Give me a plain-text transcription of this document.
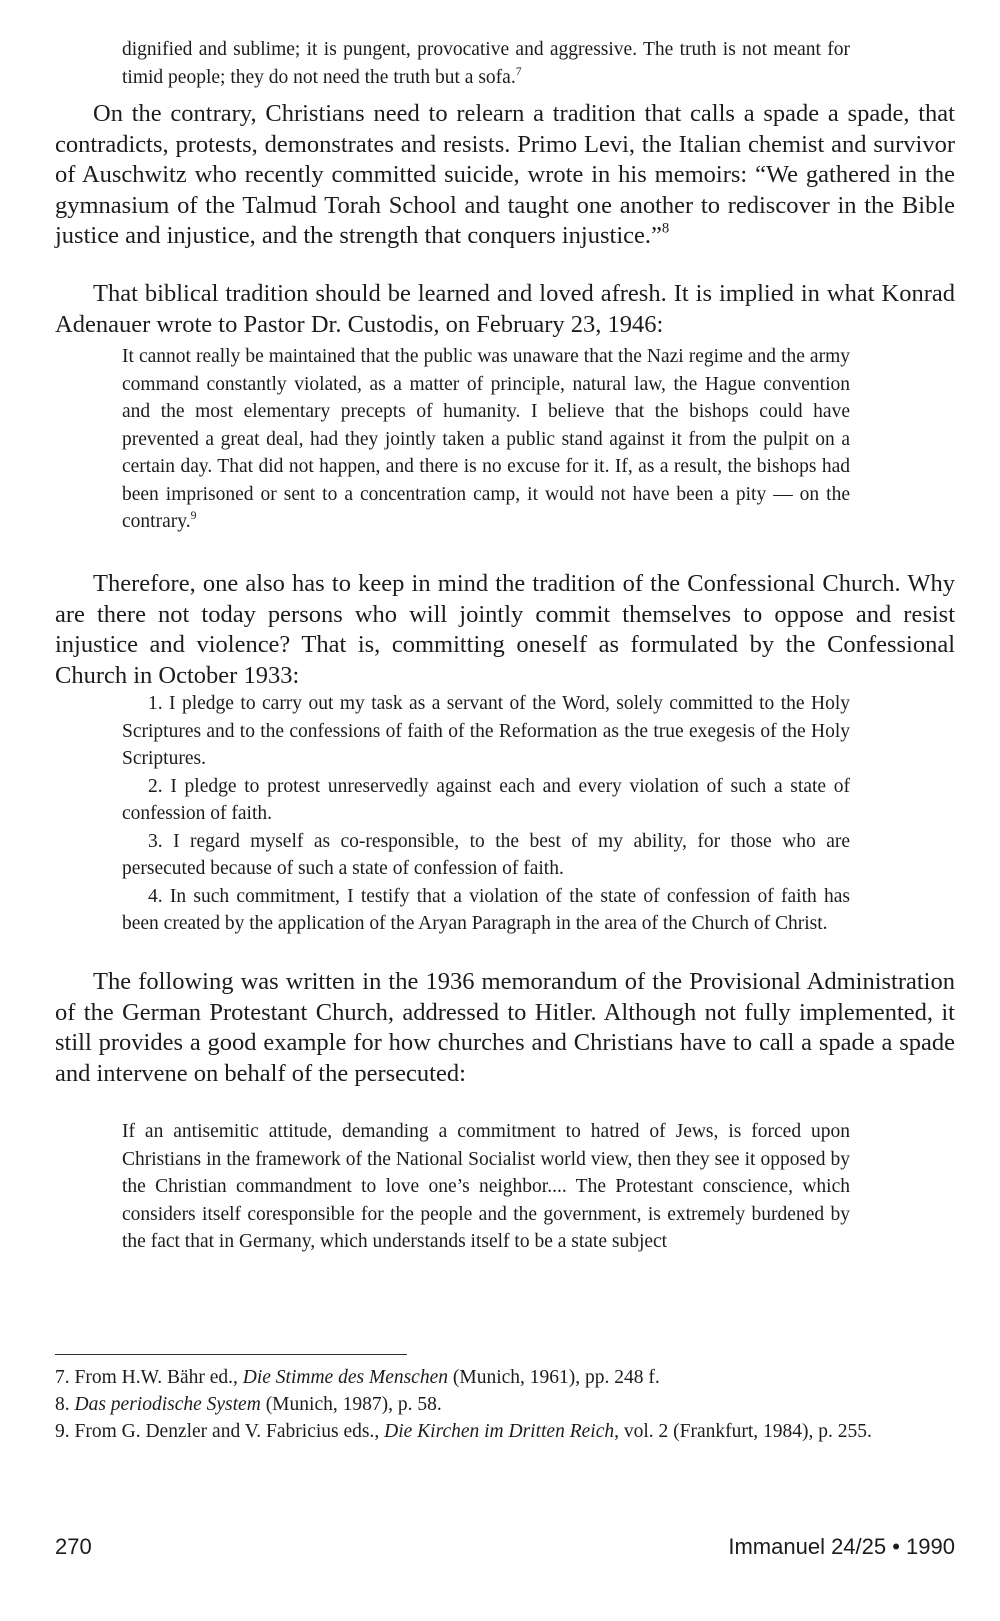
dignified and sublime; it is pungent, provocative and aggressive. The truth is not meant for timid people; they do not need the truth but a sofa.$^7$

On the contrary, Christians need to relearn a tradition that calls a spade a spade, that contradicts, protests, demonstrates and resists. Primo Levi, the Italian chemist and survivor of Auschwitz who recently committed suicide, wrote in his memoirs: “We gathered in the gymnasium of the Talmud Torah School and taught one another to rediscover in the Bible justice and injustice, and the strength that conquers injustice.”$^8$

That biblical tradition should be learned and loved afresh. It is implied in what Konrad Adenauer wrote to Pastor Dr. Custodis, on February 23, 1946:

It cannot really be maintained that the public was unaware that the Nazi regime and the army command constantly violated, as a matter of principle, natural law, the Hague convention and the most elementary precepts of humanity. I believe that the bishops could have prevented a great deal, had they jointly taken a public stand against it from the pulpit on a certain day. That did not happen, and there is no excuse for it. If, as a result, the bishops had been imprisoned or sent to a concentration camp, it would not have been a pity — on the contrary.$^9$

Therefore, one also has to keep in mind the tradition of the Confessional Church. Why are there not today persons who will jointly commit themselves to oppose and resist injustice and violence? That is, committing oneself as formulated by the Confessional Church in October 1933:

1. I pledge to carry out my task as a servant of the Word, solely committed to the Holy Scriptures and to the confessions of faith of the Reformation as the true exegesis of the Holy Scriptures.

2. I pledge to protest unreservedly against each and every violation of such a state of confession of faith.

3. I regard myself as co-responsible, to the best of my ability, for those who are persecuted because of such a state of confession of faith.

4. In such commitment, I testify that a violation of the state of confession of faith has been created by the application of the Aryan Paragraph in the area of the Church of Christ.

The following was written in the 1936 memorandum of the Provisional Administration of the German Protestant Church, addressed to Hitler. Although not fully implemented, it still provides a good example for how churches and Christians have to call a spade a spade and intervene on behalf of the persecuted:

If an antisemitic attitude, demanding a commitment to hatred of Jews, is forced upon Christians in the framework of the National Socialist world view, then they see it opposed by the Christian commandment to love one’s neighbor.... The Protestant conscience, which considers itself coresponsible for the people and the government, is extremely burdened by the fact that in Germany, which understands itself to be a state subject

7. From H.W. Bähr ed., Die Stimme des Menschen (Munich, 1961), pp. 248 f.

8. Das periodische System (Munich, 1987), p. 58.

9. From G. Denzler and V. Fabricius eds., Die Kirchen im Dritten Reich, vol. 2 (Frankfurt, 1984), p. 255.

270	Immanuel 24/25 • 1990
